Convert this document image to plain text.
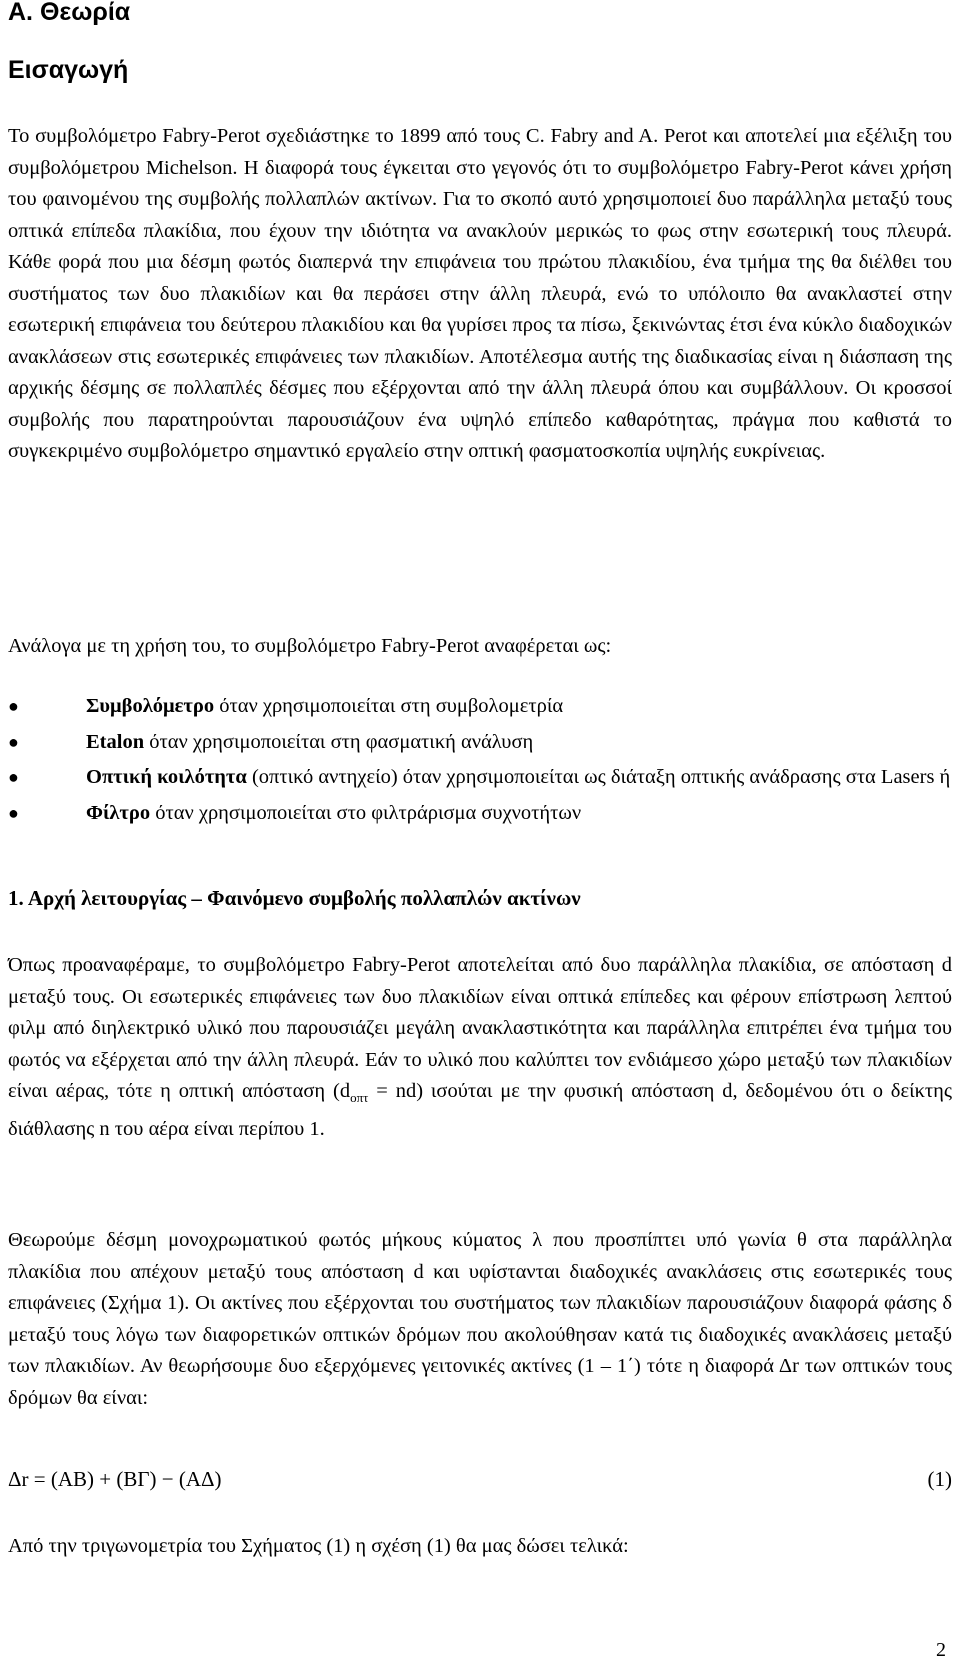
Α. Θεωρία
Εισαγωγή

Το συμβολόμετρο Fabry-Perot σχεδιάστηκε το 1899 από τους C. Fabry and A. Perot και αποτελεί μια εξέλιξη του συμβολόμετρου Michelson. Η διαφορά τους έγκειται στο γεγονός ότι το συμβολόμετρο Fabry-Perot κάνει χρήση του φαινομένου της συμβολής πολλαπλών ακτίνων. Για το σκοπό αυτό χρησιμοποιεί δυο παράλληλα μεταξύ τους οπτικά επίπεδα πλακίδια, που έχουν την ιδιότητα να ανακλούν μερικώς το φως στην εσωτερική τους πλευρά. Κάθε φορά που μια δέσμη φωτός διαπερνά την επιφάνεια του πρώτου πλακιδίου, ένα τμήμα της θα διέλθει του συστήματος των δυο πλακιδίων και θα περάσει στην άλλη πλευρά, ενώ το υπόλοιπο θα ανακλαστεί στην εσωτερική επιφάνεια του δεύτερου πλακιδίου και θα γυρίσει προς τα πίσω, ξεκινώντας έτσι ένα κύκλο διαδοχικών ανακλάσεων στις εσωτερικές επιφάνειες των πλακιδίων. Αποτέλεσμα αυτής της διαδικασίας είναι η διάσπαση της αρχικής δέσμης σε πολλαπλές δέσμες που εξέρχονται από την άλλη πλευρά όπου και συμβάλλουν. Οι κροσσοί συμβολής που παρατηρούνται παρουσιάζουν ένα υψηλό επίπεδο καθαρότητας, πράγμα που καθιστά το συγκεκριμένο συμβολόμετρο σημαντικό εργαλείο στην οπτική φασματοσκοπία υψηλής ευκρίνειας.

Ανάλογα με τη χρήση του, το συμβολόμετρο Fabry-Perot αναφέρεται ως:

●	Συμβολόμετρο όταν χρησιμοποιείται στη συμβολομετρία
●	Etalon όταν χρησιμοποιείται στη φασματική ανάλυση
●	Οπτική κοιλότητα (οπτικό αντηχείο) όταν χρησιμοποιείται ως διάταξη οπτικής ανάδρασης στα Lasers ή
●	Φίλτρο όταν χρησιμοποιείται στο φιλτράρισμα συχνοτήτων
1. Αρχή λειτουργίας – Φαινόμενο συμβολής πολλαπλών ακτίνων

Όπως προαναφέραμε, το συμβολόμετρο Fabry-Perot αποτελείται από δυο παράλληλα πλακίδια, σε απόσταση d μεταξύ τους. Οι εσωτερικές επιφάνειες των δυο πλακιδίων είναι οπτικά επίπεδες και φέρουν επίστρωση λεπτού φιλμ από διηλεκτρικό υλικό που παρουσιάζει μεγάλη ανακλαστικότητα και παράλληλα επιτρέπει ένα τμήμα του φωτός να εξέρχεται από την άλλη πλευρά. Εάν το υλικό που καλύπτει τον ενδιάμεσο χώρο μεταξύ των πλακιδίων είναι αέρας, τότε η οπτική απόσταση $(d_{o\pi\tau} = nd)$ ισούται με την φυσική απόσταση d, δεδομένου ότι ο δείκτης διάθλασης n του αέρα είναι περίπου 1.

Θεωρούμε δέσμη μονοχρωματικού φωτός μήκους κύματος λ που προσπίπτει υπό γωνία θ στα παράλληλα πλακίδια που απέχουν μεταξύ τους απόσταση d και υφίστανται διαδοχικές ανακλάσεις στις εσωτερικές τους επιφάνειες (Σχήμα 1). Οι ακτίνες που εξέρχονται του συστήματος των πλακιδίων παρουσιάζουν διαφορά φάσης δ μεταξύ τους λόγω των διαφορετικών οπτικών δρόμων που ακολούθησαν κατά τις διαδοχικές ανακλάσεις μεταξύ των πλακιδίων. Αν θεωρήσουμε δυο εξερχόμενες γειτονικές ακτίνες (1 – 1΄) τότε η διαφορά Δr των οπτικών τους δρόμων θα είναι:

Δr = (AB) + (ΒΓ) − (ΑΔ)	(1)

Από την τριγωνομετρία του Σχήματος (1) η σχέση (1) θα μας δώσει τελικά:

2
